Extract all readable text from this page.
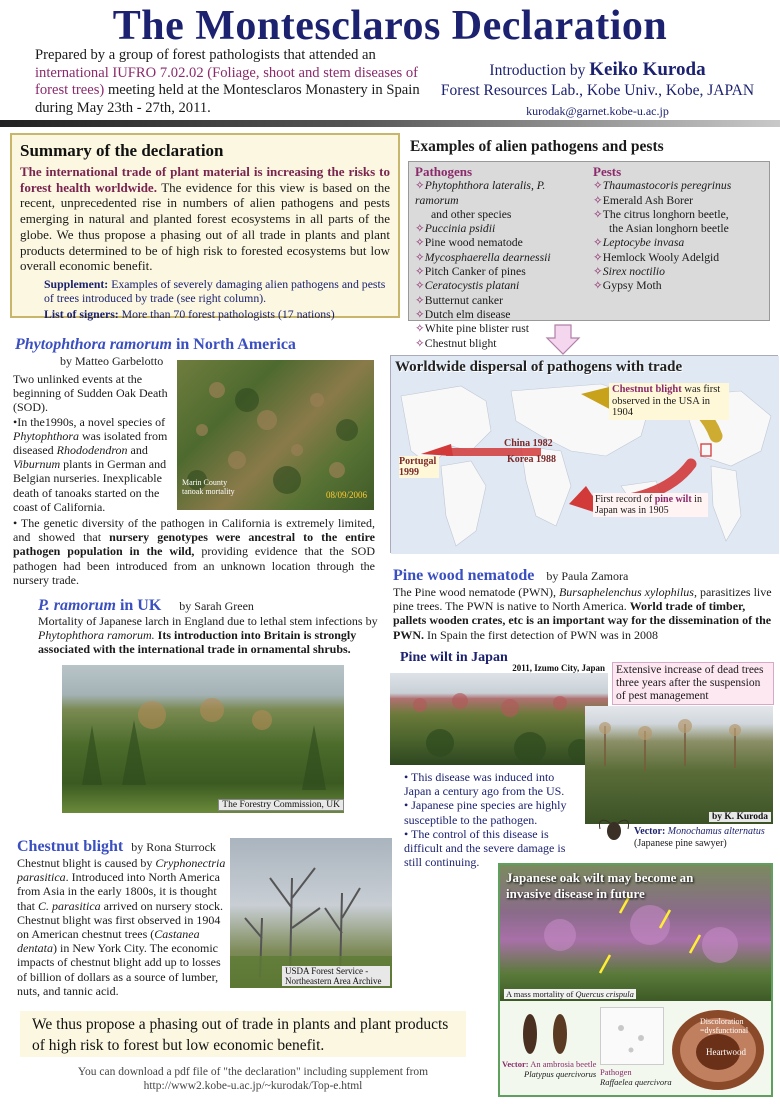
The Montesclaros Declaration
Prepared by a group of forest pathologists that attended an international IUFRO 7.02.02 (Foliage, shoot and stem diseases of forest trees) meeting held at the Montesclaros Monastery in Spain during May 23th - 27th, 2011.
Introduction by Keiko Kuroda
Forest Resources Lab., Kobe Univ., Kobe, JAPAN
kurodak@garnet.kobe-u.ac.jp
Summary of the declaration

The international trade of plant material is increasing the risks to forest health worldwide. The evidence for this view is based on the recent, unprecedented rise in numbers of alien pathogens and pests emerging in natural and planted forest ecosystems in all parts of the globe. We thus propose a phasing out of all trade in plants and plant products determined to be of high risk to forested ecosystems but low overall economic benefit.

Supplement: Examples of severely damaging alien pathogens and pests of trees introduced by trade (see right column).
List of signers: More than 70 forest pathologists (17 nations)
Examples of alien pathogens and pests
Pathogens
✧Phytophthora lateralis, P. ramorum
and other species
✧Puccinia psidii
✧Pine wood nematode
✧Mycosphaerella dearnessii
✧Pitch Canker of pines
✧Ceratocystis platani
✧Butternut canker
✧Dutch elm disease
✧White pine blister rust
✧Chestnut blight
Pests
✧Thaumastocoris peregrinus
✧Emerald Ash Borer
✧The citrus longhorn beetle,
the Asian longhorn beetle
✧Leptocybe invasa
✧Hemlock Wooly Adelgid
✧Sirex noctilio
✧Gypsy Moth
Phytophthora ramorum in North America
by Matteo Garbelotto
Two unlinked events at the beginning of Sudden Oak Death (SOD).
•In the1990s, a novel species of Phytophthora was isolated from diseased Rhododendron and Viburnum plants in German and Belgian nurseries. Inexplicable death of tanoaks started on the coast of California.
Marin County tanoak mortality	08/09/2006
• The genetic diversity of the pathogen in California is extremely limited, and showed that nursery genotypes were ancestral to the entire pathogen population in the wild, providing evidence that the SOD pathogen had been introduced from an unknown location through the nursery trade.
Worldwide dispersal of pathogens with trade
Chestnut blight was first observed in the USA in 1904
China 1982
Korea 1988
Portugal 1999
First record of pine wilt in Japan was in 1905
Pine wood nematode by Paula Zamora
The Pine wood nematode (PWN), Bursaphelenchus xylophilus, parasitizes live pine trees. The PWN is native to North America. World trade of timber, pallets wooden crates, etc is an important way for the dissemination of the PWN. In Spain the first detection of PWN was in 2008
Pine wilt in Japan
2011, Izumo City, Japan Extensive increase of dead trees three years after the suspension of pest management
by K. Kuroda
• This disease was induced into Japan a century ago from the US.
• Japanese pine species are highly susceptible to the pathogen.
• The control of this disease is difficult and the severe damage is still continuing.
Vector: Monochamus alternatus
(Japanese pine sawyer)
P. ramorum in UK by Sarah Green
Mortality of Japanese larch in England due to lethal stem infections by Phytophthora ramorum. Its introduction into Britain is strongly associated with the international trade in ornamental shrubs.
The Forestry Commission, UK
Chestnut blight by Rona Sturrock
Chestnut blight is caused by Cryphonectria parasitica. Introduced into North America from Asia in the early 1800s, it is thought that C. parasitica arrived on nursery stock. Chestnut blight was first observed in 1904 on American chestnut trees (Castanea dentata) in New York City. The economic impacts of chestnut blight add up to losses of billion of dollars as a source of lumber, nuts, and tannic acid.
USDA Forest Service - Northeastern Area Archive
Japanese oak wilt may become an invasive disease in future
A mass mortality of Quercus crispula
Vector: An ambrosia beetle
Platypus quercivorus Pathogen
Raffaelea quercivora
Discoloration =dysfunctional
Heartwood
We thus propose a phasing out of trade in plants and plant products of high risk to forest but low economic benefit.
You can download a pdf file of "the declaration" including supplement from
http://www2.kobe-u.ac.jp/~kurodak/Top-e.html
